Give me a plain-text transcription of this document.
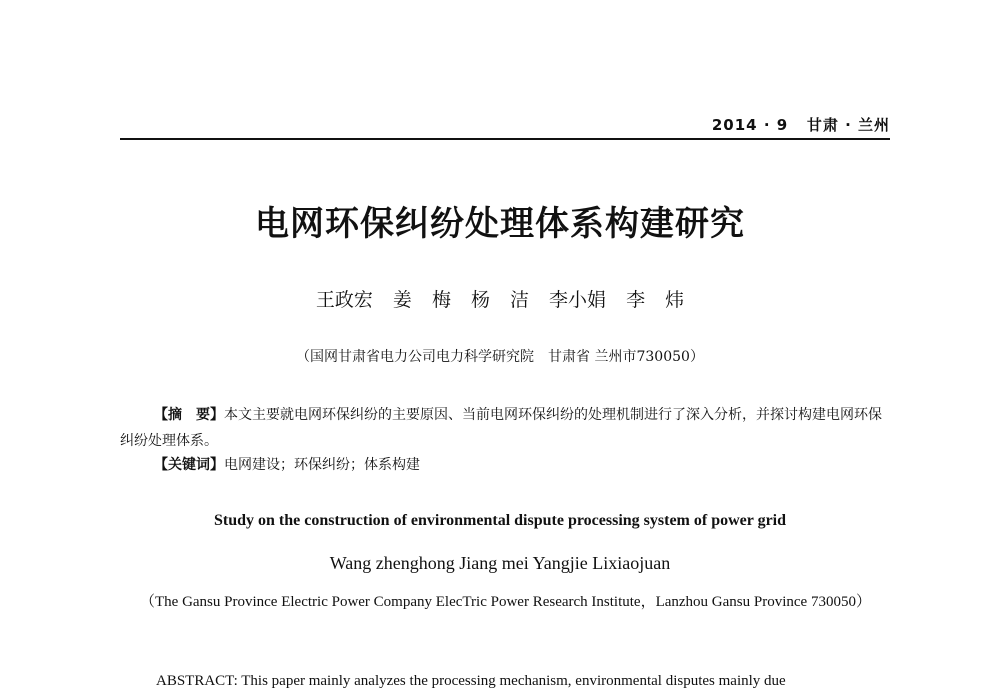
2014 · 9 甘肃 · 兰州
电网环保纠纷处理体系构建研究
王政宏 姜 梅 杨 洁 李小娟 李 炜
（国网甘肃省电力公司电力科学研究院　甘肃省 兰州市730050）

【摘　要】本文主要就电网环保纠纷的主要原因、当前电网环保纠纷的处理机制进行了深入分析，并探讨构建电网环保纠纷处理体系。

【关键词】电网建设；环保纠纷；体系构建
Study on the construction of environmental dispute processing system of power grid
Wang zhenghong Jiang mei Yangjie Lixiaojuan
（The Gansu Province Electric Power Company ElecTric Power Research Institute，Lanzhou Gansu Province 730050）
ABSTRACT: This paper mainly analyzes the processing mechanism, environmental disputes mainly due
